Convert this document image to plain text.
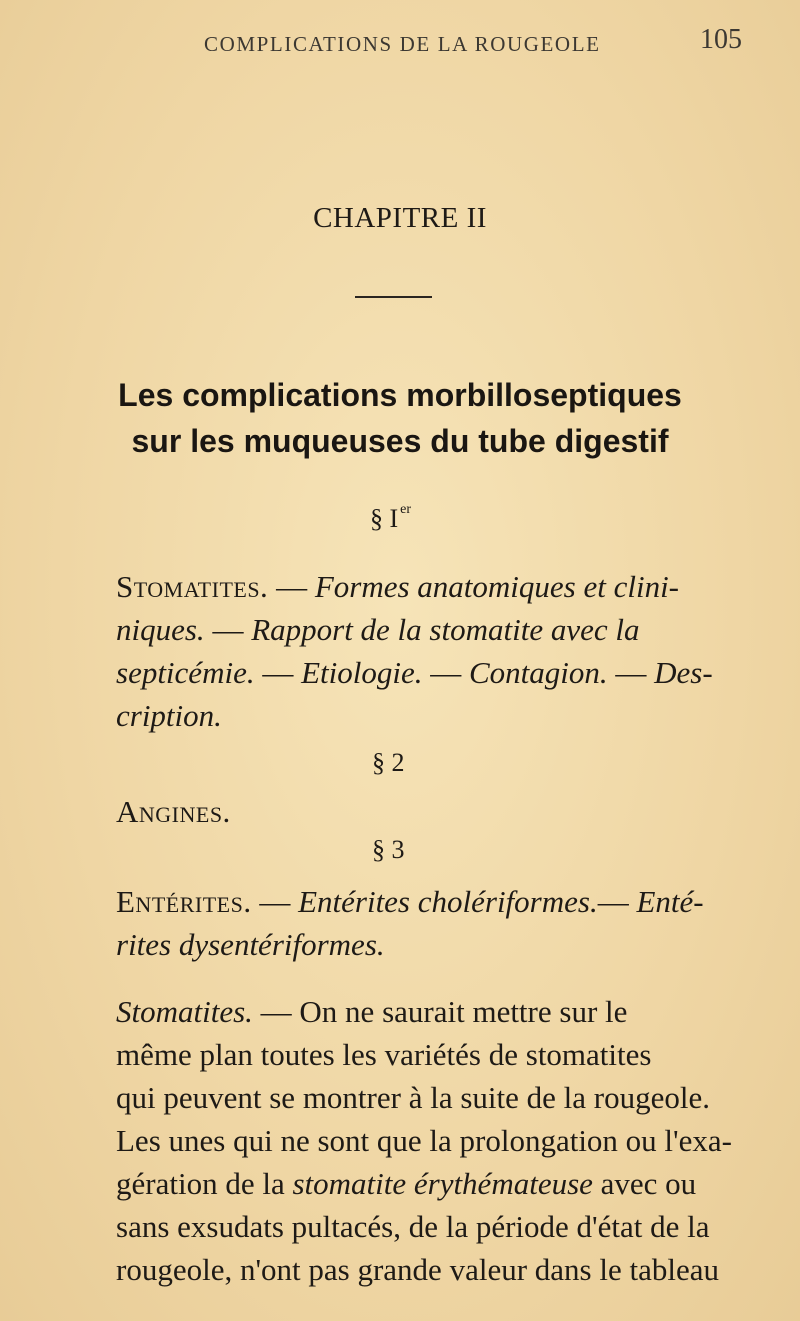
COMPLICATIONS DE LA ROUGEOLE	105
CHAPITRE II
Les complications morbilloseptiques
sur les muqueuses du tube digestif
§ I $^{er}$
Stomatites. — Formes anatomiques et clini-
niques. — Rapport de la stomatite avec la
septicémie. — Etiologie. — Contagion. — Des-
cription.
§ 2
Angines.
§ 3
Entérites. — Entérites cholériformes.— Enté-
rites dysentériformes.
Stomatites. — On ne saurait mettre sur le
même plan toutes les variétés de stomatites
qui peuvent se montrer à la suite de la rougeole.
Les unes qui ne sont que la prolongation ou l'exa-
gération de la stomatite érythémateuse avec ou
sans exsudats pultacés, de la période d'état de la
rougeole, n'ont pas grande valeur dans le tableau
